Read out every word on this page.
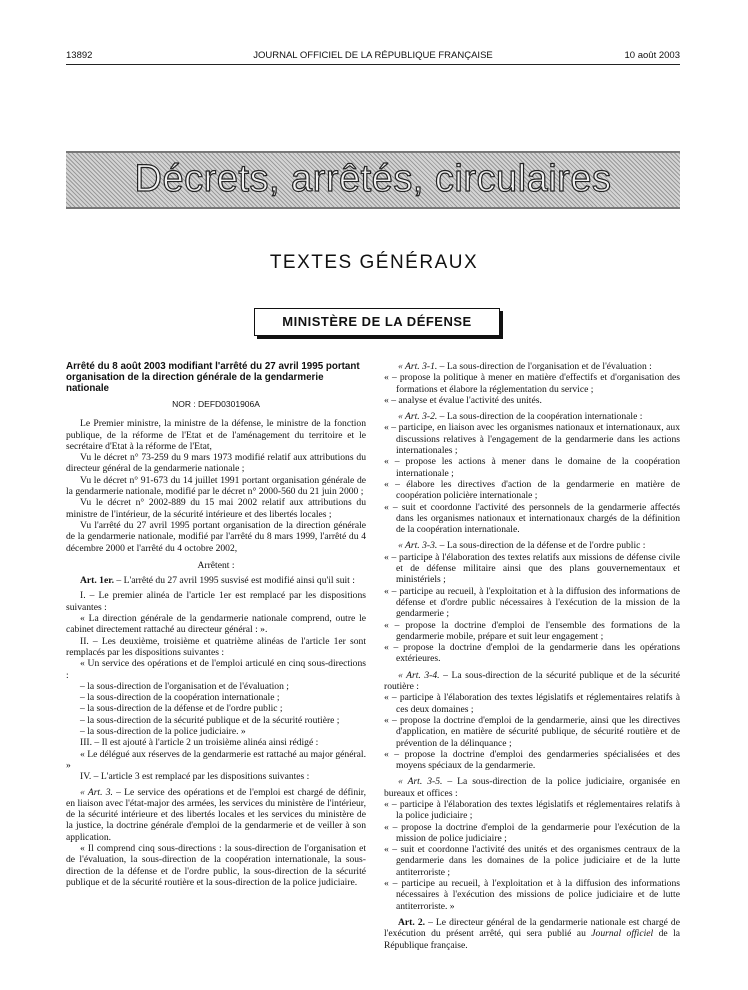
13892	JOURNAL OFFICIEL DE LA RÉPUBLIQUE FRANÇAISE	10 août 2003
Décrets, arrêtés, circulaires
TEXTES GÉNÉRAUX
MINISTÈRE DE LA DÉFENSE

Arrêté du 8 août 2003 modifiant l'arrêté du 27 avril 1995 portant organisation de la direction générale de la gendarmerie nationale

NOR : DEFD0301906A

Le Premier ministre, la ministre de la défense, le ministre de la fonction publique, de la réforme de l'Etat et de l'aménagement du territoire et le secrétaire d'Etat à la réforme de l'Etat,

Vu le décret n° 73-259 du 9 mars 1973 modifié relatif aux attributions du directeur général de la gendarmerie nationale ;

Vu le décret n° 91-673 du 14 juillet 1991 portant organisation générale de la gendarmerie nationale, modifié par le décret n° 2000-560 du 21 juin 2000 ;

Vu le décret n° 2002-889 du 15 mai 2002 relatif aux attributions du ministre de l'intérieur, de la sécurité intérieure et des libertés locales ;

Vu l'arrêté du 27 avril 1995 portant organisation de la direction générale de la gendarmerie nationale, modifié par l'arrêté du 8 mars 1999, l'arrêté du 4 décembre 2000 et l'arrêté du 4 octobre 2002,

Arrêtent :

Art. 1er. – L'arrêté du 27 avril 1995 susvisé est modifié ainsi qu'il suit :

I. – Le premier alinéa de l'article 1er est remplacé par les dispositions suivantes :

« La direction générale de la gendarmerie nationale comprend, outre le cabinet directement rattaché au directeur général : ».

II. – Les deuxième, troisième et quatrième alinéas de l'article 1er sont remplacés par les dispositions suivantes :

« Un service des opérations et de l'emploi articulé en cinq sous-directions :

– la sous-direction de l'organisation et de l'évaluation ;

– la sous-direction de la coopération internationale ;

– la sous-direction de la défense et de l'ordre public ;

– la sous-direction de la sécurité publique et de la sécurité routière ;

– la sous-direction de la police judiciaire. »

III. – Il est ajouté à l'article 2 un troisième alinéa ainsi rédigé :

« Le délégué aux réserves de la gendarmerie est rattaché au major général. »

IV. – L'article 3 est remplacé par les dispositions suivantes :

« Art. 3. – Le service des opérations et de l'emploi est chargé de définir, en liaison avec l'état-major des armées, les services du ministère de l'intérieur, de la sécurité intérieure et des libertés locales et les services du ministère de la justice, la doctrine générale d'emploi de la gendarmerie et de veiller à son application.

« Il comprend cinq sous-directions : la sous-direction de l'organisation et de l'évaluation, la sous-direction de la coopération internationale, la sous-direction de la défense et de l'ordre public, la sous-direction de la sécurité publique et de la sécurité routière et la sous-direction de la police judiciaire.

« Art. 3-1. – La sous-direction de l'organisation et de l'évaluation :

« – propose la politique à mener en matière d'effectifs et d'organisation des formations et élabore la réglementation du service ;

« – analyse et évalue l'activité des unités.

« Art. 3-2. – La sous-direction de la coopération internationale :

« – participe, en liaison avec les organismes nationaux et internationaux, aux discussions relatives à l'engagement de la gendarmerie dans les actions internationales ;

« – propose les actions à mener dans le domaine de la coopération internationale ;

« – élabore les directives d'action de la gendarmerie en matière de coopération policière internationale ;

« – suit et coordonne l'activité des personnels de la gendarmerie affectés dans les organismes nationaux et internationaux chargés de la définition de la coopération internationale.

« Art. 3-3. – La sous-direction de la défense et de l'ordre public :

« – participe à l'élaboration des textes relatifs aux missions de défense civile et de défense militaire ainsi que des plans gouvernementaux et ministériels ;

« – participe au recueil, à l'exploitation et à la diffusion des informations de défense et d'ordre public nécessaires à l'exécution de la mission de la gendarmerie ;

« – propose la doctrine d'emploi de l'ensemble des formations de la gendarmerie mobile, prépare et suit leur engagement ;

« – propose la doctrine d'emploi de la gendarmerie dans les opérations extérieures.

« Art. 3-4. – La sous-direction de la sécurité publique et de la sécurité routière :

« – participe à l'élaboration des textes législatifs et réglementaires relatifs à ces deux domaines ;

« – propose la doctrine d'emploi de la gendarmerie, ainsi que les directives d'application, en matière de sécurité publique, de sécurité routière et de prévention de la délinquance ;

« – propose la doctrine d'emploi des gendarmeries spécialisées et des moyens spéciaux de la gendarmerie.

« Art. 3-5. – La sous-direction de la police judiciaire, organisée en bureaux et offices :

« – participe à l'élaboration des textes législatifs et réglementaires relatifs à la police judiciaire ;

« – propose la doctrine d'emploi de la gendarmerie pour l'exécution de la mission de police judiciaire ;

« – suit et coordonne l'activité des unités et des organismes centraux de la gendarmerie dans les domaines de la police judiciaire et de la lutte antiterroriste ;

« – participe au recueil, à l'exploitation et à la diffusion des informations nécessaires à l'exécution des missions de police judiciaire et de lutte antiterroriste. »

Art. 2. – Le directeur général de la gendarmerie nationale est chargé de l'exécution du présent arrêté, qui sera publié au Journal officiel de la République française.
